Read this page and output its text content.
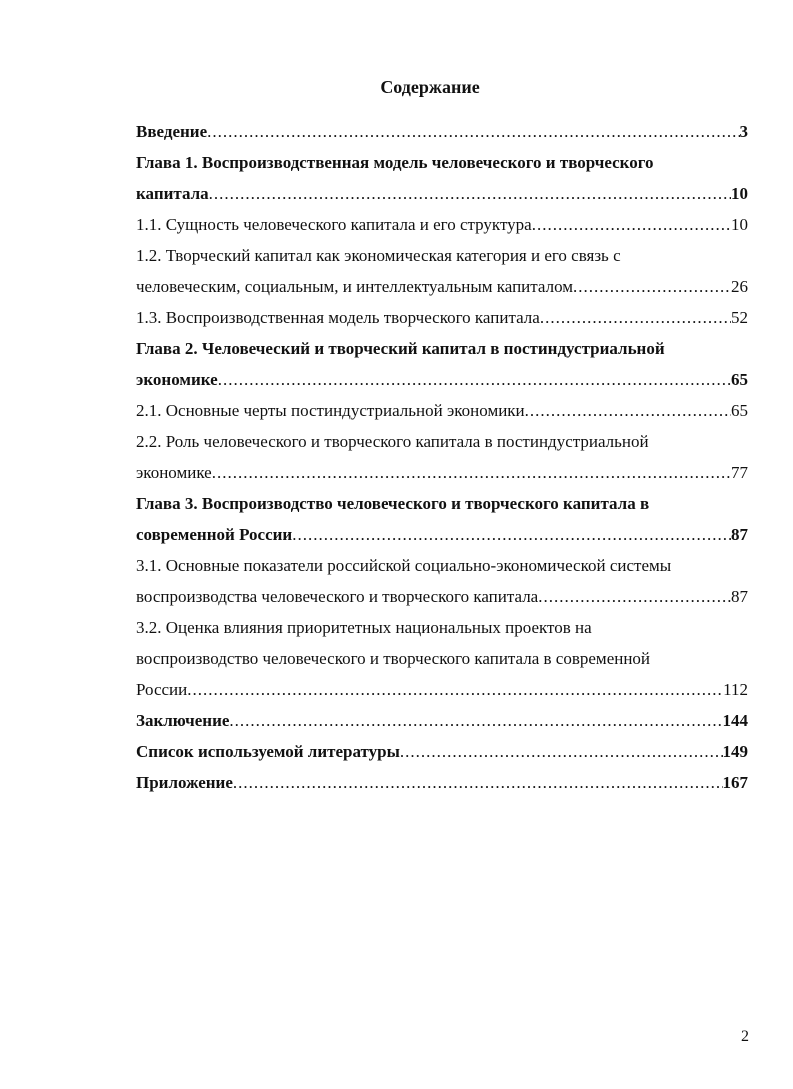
Содержание
Введение .....	3
Глава 1. Воспроизводственная модель человеческого и творческого
капитала .....	10
1.1. Сущность человеческого капитала и его структура .....	10
1.2. Творческий капитал как экономическая категория и его связь с
человеческим, социальным, и интеллектуальным капиталом .....	26
1.3. Воспроизводственная модель творческого капитала .....	52
Глава 2. Человеческий и творческий капитал в постиндустриальной
экономике .....	65
2.1. Основные черты постиндустриальной экономики .....	65
2.2. Роль человеческого и творческого капитала в постиндустриальной
экономике .....	77
Глава 3. Воспроизводство человеческого и творческого капитала в
современной России .....	87
3.1. Основные показатели российской социально-экономической системы
воспроизводства человеческого и творческого капитала .....	87
3.2. Оценка влияния приоритетных национальных проектов на
воспроизводство человеческого и творческого капитала в современной
России .....	112
Заключение .....	144
Список используемой литературы .....	149
Приложение .....	167
2
